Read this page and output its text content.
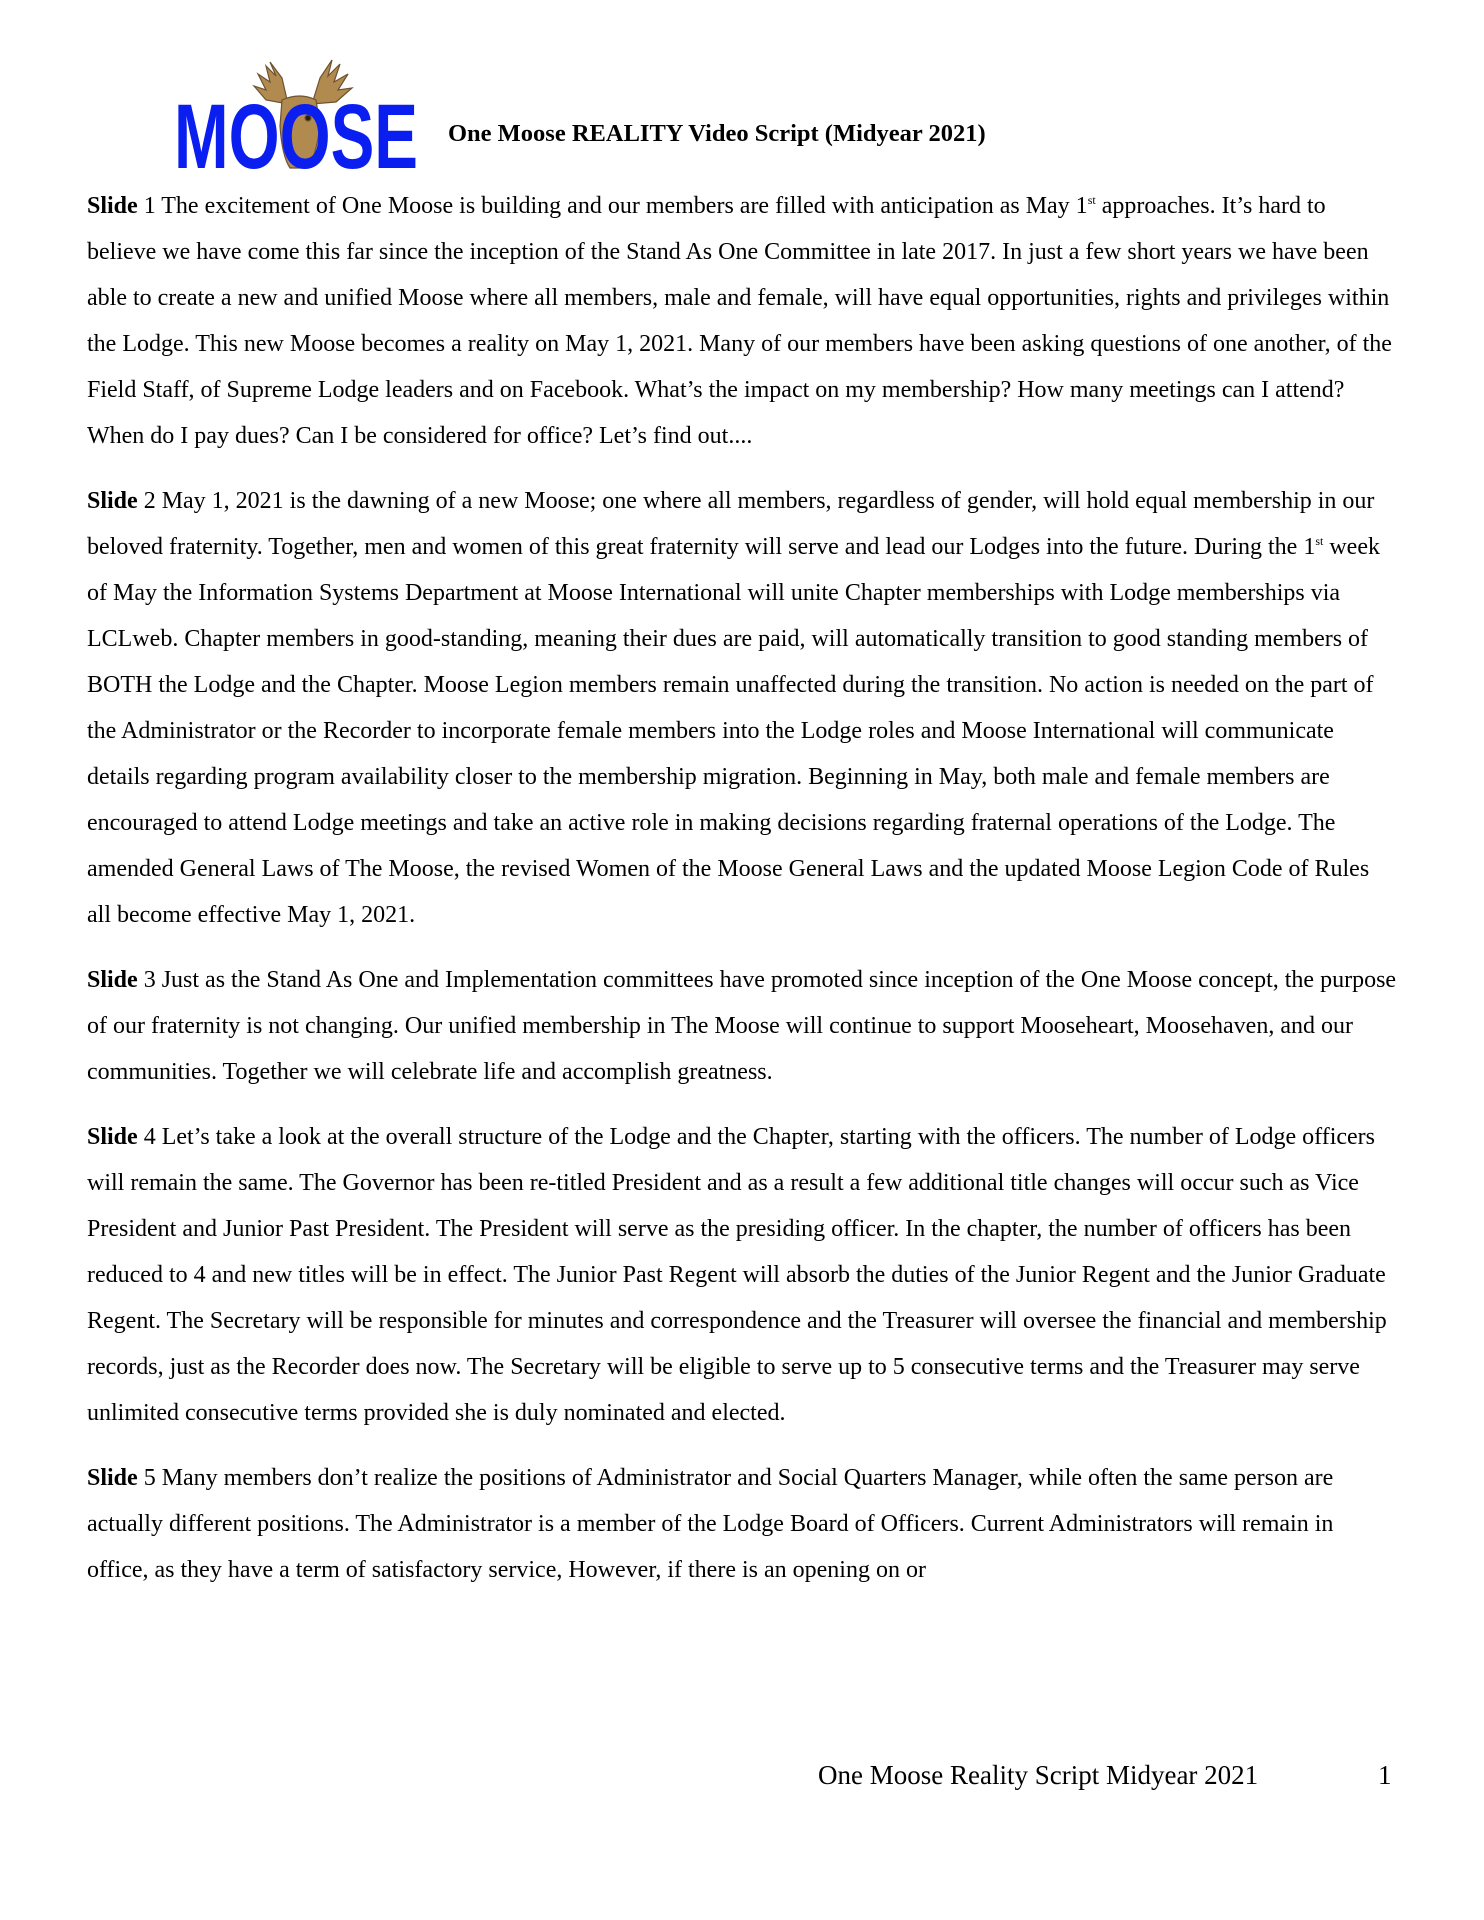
MOOSE One Moose REALITY Video Script (Midyear 2021)

Slide 1 The excitement of One Moose is building and our members are filled with anticipation as May 1st approaches. It’s hard to believe we have come this far since the inception of the Stand As One Committee in late 2017. In just a few short years we have been able to create a new and unified Moose where all members, male and female, will have equal opportunities, rights and privileges within the Lodge. This new Moose becomes a reality on May 1, 2021. Many of our members have been asking questions of one another, of the Field Staff, of Supreme Lodge leaders and on Facebook. What’s the impact on my membership? How many meetings can I attend? When do I pay dues? Can I be considered for office? Let’s find out....

Slide 2 May 1, 2021 is the dawning of a new Moose; one where all members, regardless of gender, will hold equal membership in our beloved fraternity. Together, men and women of this great fraternity will serve and lead our Lodges into the future. During the 1st week of May the Information Systems Department at Moose International will unite Chapter memberships with Lodge memberships via LCLweb. Chapter members in good-standing, meaning their dues are paid, will automatically transition to good standing members of BOTH the Lodge and the Chapter. Moose Legion members remain unaffected during the transition. No action is needed on the part of the Administrator or the Recorder to incorporate female members into the Lodge roles and Moose International will communicate details regarding program availability closer to the membership migration. Beginning in May, both male and female members are encouraged to attend Lodge meetings and take an active role in making decisions regarding fraternal operations of the Lodge. The amended General Laws of The Moose, the revised Women of the Moose General Laws and the updated Moose Legion Code of Rules all become effective May 1, 2021.

Slide 3 Just as the Stand As One and Implementation committees have promoted since inception of the One Moose concept, the purpose of our fraternity is not changing. Our unified membership in The Moose will continue to support Mooseheart, Moosehaven, and our communities. Together we will celebrate life and accomplish greatness.

Slide 4 Let’s take a look at the overall structure of the Lodge and the Chapter, starting with the officers. The number of Lodge officers will remain the same. The Governor has been re-titled President and as a result a few additional title changes will occur such as Vice President and Junior Past President. The President will serve as the presiding officer. In the chapter, the number of officers has been reduced to 4 and new titles will be in effect. The Junior Past Regent will absorb the duties of the Junior Regent and the Junior Graduate Regent. The Secretary will be responsible for minutes and correspondence and the Treasurer will oversee the financial and membership records, just as the Recorder does now. The Secretary will be eligible to serve up to 5 consecutive terms and the Treasurer may serve unlimited consecutive terms provided she is duly nominated and elected.

Slide 5 Many members don’t realize the positions of Administrator and Social Quarters Manager, while often the same person are actually different positions. The Administrator is a member of the Lodge Board of Officers. Current Administrators will remain in office, as they have a term of satisfactory service, However, if there is an opening on or

One Moose Reality Script Midyear 2021	1
